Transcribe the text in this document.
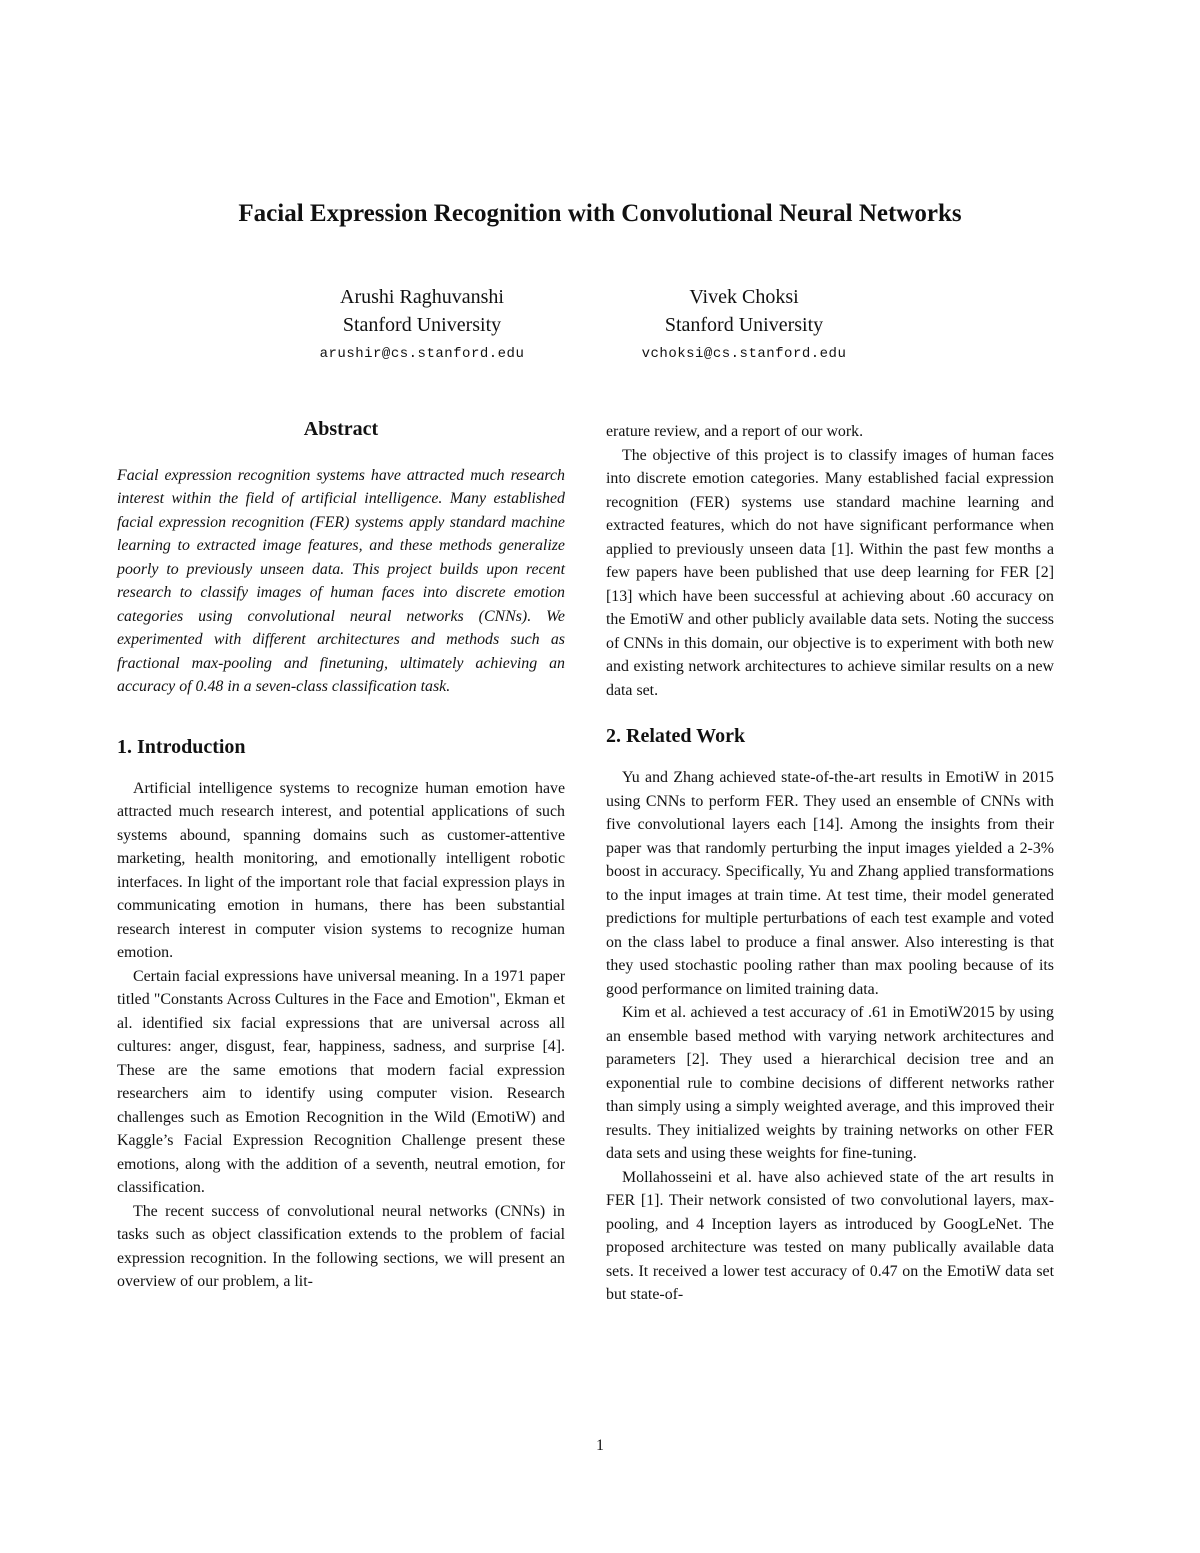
Facial Expression Recognition with Convolutional Neural Networks
Arushi Raghuvanshi
Stanford University
arushir@cs.stanford.edu
Vivek Choksi
Stanford University
vchoksi@cs.stanford.edu
Abstract
Facial expression recognition systems have attracted much research interest within the field of artificial intelligence. Many established facial expression recognition (FER) systems apply standard machine learning to extracted image features, and these methods generalize poorly to previously unseen data. This project builds upon recent research to classify images of human faces into discrete emotion categories using convolutional neural networks (CNNs). We experimented with different architectures and methods such as fractional max-pooling and finetuning, ultimately achieving an accuracy of 0.48 in a seven-class classification task.
1. Introduction

Artificial intelligence systems to recognize human emotion have attracted much research interest, and potential applications of such systems abound, spanning domains such as customer-attentive marketing, health monitoring, and emotionally intelligent robotic interfaces. In light of the important role that facial expression plays in communicating emotion in humans, there has been substantial research interest in computer vision systems to recognize human emotion.

Certain facial expressions have universal meaning. In a 1971 paper titled "Constants Across Cultures in the Face and Emotion", Ekman et al. identified six facial expressions that are universal across all cultures: anger, disgust, fear, happiness, sadness, and surprise [4]. These are the same emotions that modern facial expression researchers aim to identify using computer vision. Research challenges such as Emotion Recognition in the Wild (EmotiW) and Kaggle’s Facial Expression Recognition Challenge present these emotions, along with the addition of a seventh, neutral emotion, for classification.

The recent success of convolutional neural networks (CNNs) in tasks such as object classification extends to the problem of facial expression recognition. In the following sections, we will present an overview of our problem, a lit-

erature review, and a report of our work.

The objective of this project is to classify images of human faces into discrete emotion categories. Many established facial expression recognition (FER) systems use standard machine learning and extracted features, which do not have significant performance when applied to previously unseen data [1]. Within the past few months a few papers have been published that use deep learning for FER [2] [13] which have been successful at achieving about .60 accuracy on the EmotiW and other publicly available data sets. Noting the success of CNNs in this domain, our objective is to experiment with both new and existing network architectures to achieve similar results on a new data set.

2. Related Work

Yu and Zhang achieved state-of-the-art results in EmotiW in 2015 using CNNs to perform FER. They used an ensemble of CNNs with five convolutional layers each [14]. Among the insights from their paper was that randomly perturbing the input images yielded a 2-3% boost in accuracy. Specifically, Yu and Zhang applied transformations to the input images at train time. At test time, their model generated predictions for multiple perturbations of each test example and voted on the class label to produce a final answer. Also interesting is that they used stochastic pooling rather than max pooling because of its good performance on limited training data.

Kim et al. achieved a test accuracy of .61 in EmotiW2015 by using an ensemble based method with varying network architectures and parameters [2]. They used a hierarchical decision tree and an exponential rule to combine decisions of different networks rather than simply using a simply weighted average, and this improved their results. They initialized weights by training networks on other FER data sets and using these weights for fine-tuning.

Mollahosseini et al. have also achieved state of the art results in FER [1]. Their network consisted of two convolutional layers, max-pooling, and 4 Inception layers as introduced by GoogLeNet. The proposed architecture was tested on many publically available data sets. It received a lower test accuracy of 0.47 on the EmotiW data set but state-of-

1
